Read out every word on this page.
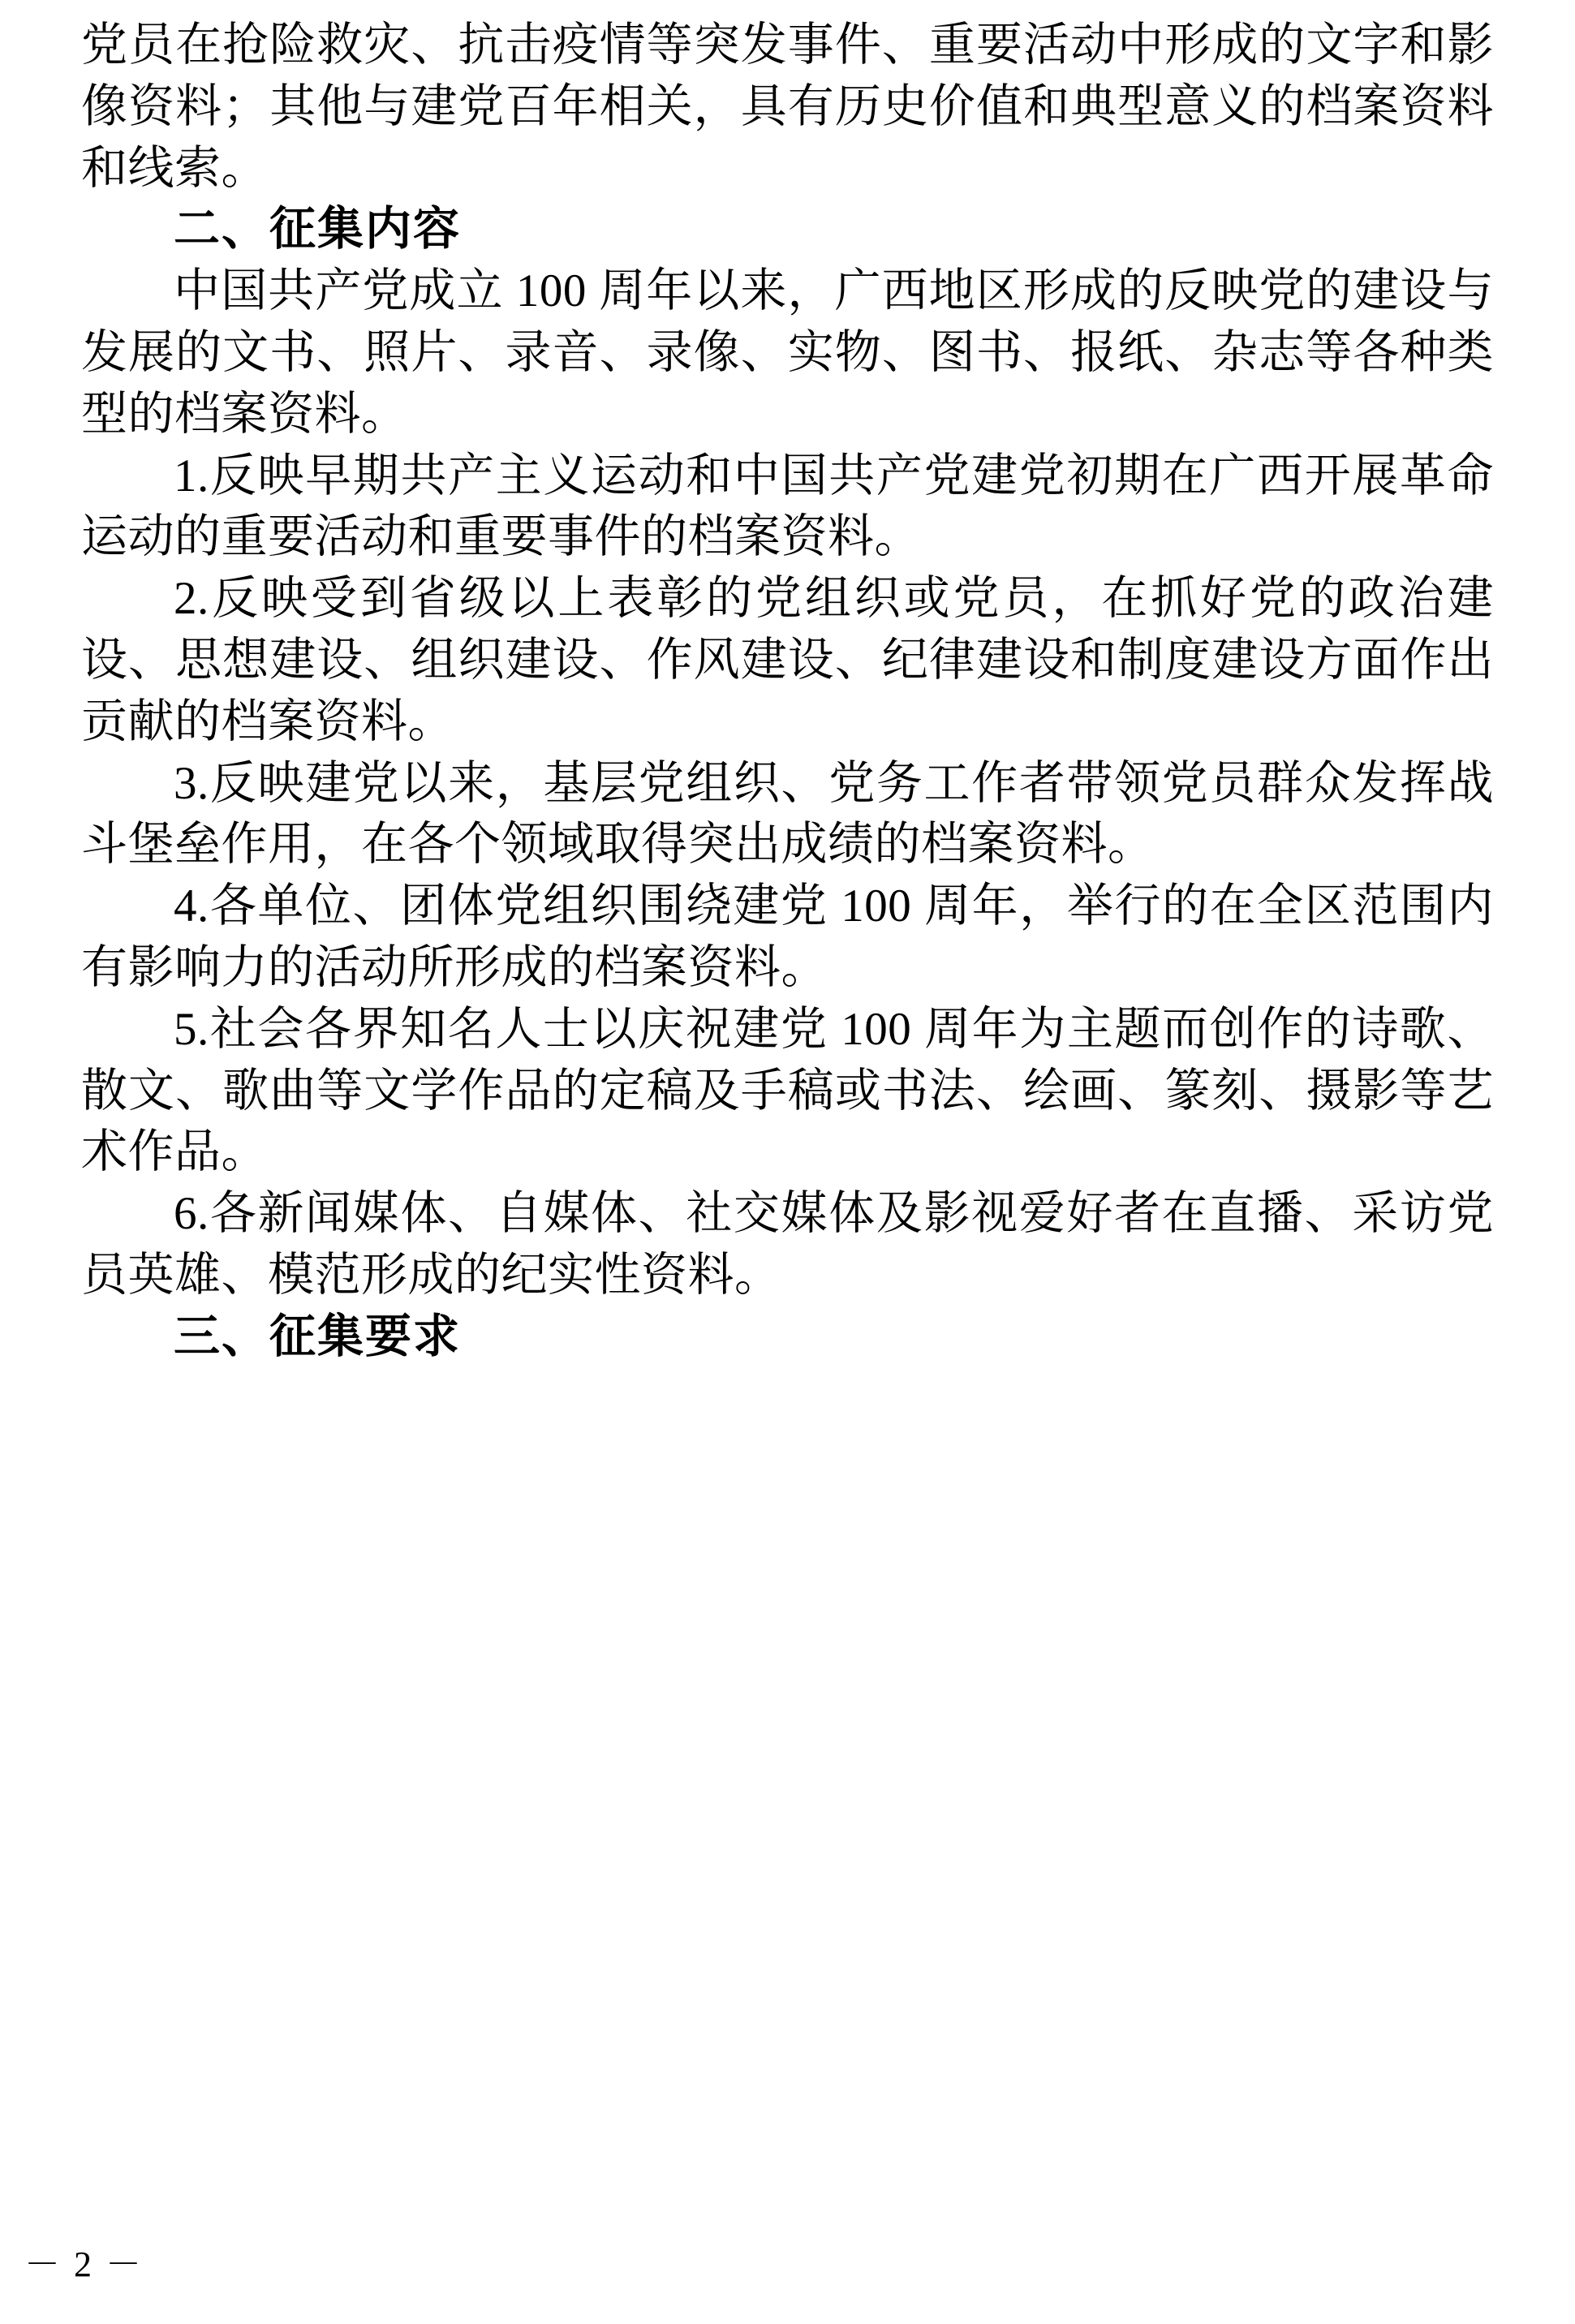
党员在抢险救灾、抗击疫情等突发事件、重要活动中形成的文字和影像资料；其他与建党百年相关，具有历史价值和典型意义的档案资料和线索。

二、征集内容

中国共产党成立 100 周年以来，广西地区形成的反映党的建设与发展的文书、照片、录音、录像、实物、图书、报纸、杂志等各种类型的档案资料。

1.反映早期共产主义运动和中国共产党建党初期在广西开展革命运动的重要活动和重要事件的档案资料。

2.反映受到省级以上表彰的党组织或党员，在抓好党的政治建设、思想建设、组织建设、作风建设、纪律建设和制度建设方面作出贡献的档案资料。

3.反映建党以来，基层党组织、党务工作者带领党员群众发挥战斗堡垒作用，在各个领域取得突出成绩的档案资料。

4.各单位、团体党组织围绕建党 100 周年，举行的在全区范围内有影响力的活动所形成的档案资料。

5.社会各界知名人士以庆祝建党 100 周年为主题而创作的诗歌、散文、歌曲等文学作品的定稿及手稿或书法、绘画、篆刻、摄影等艺术作品。

6.各新闻媒体、自媒体、社交媒体及影视爱好者在直播、采访党员英雄、模范形成的纪实性资料。

三、征集要求
－ 2 －
